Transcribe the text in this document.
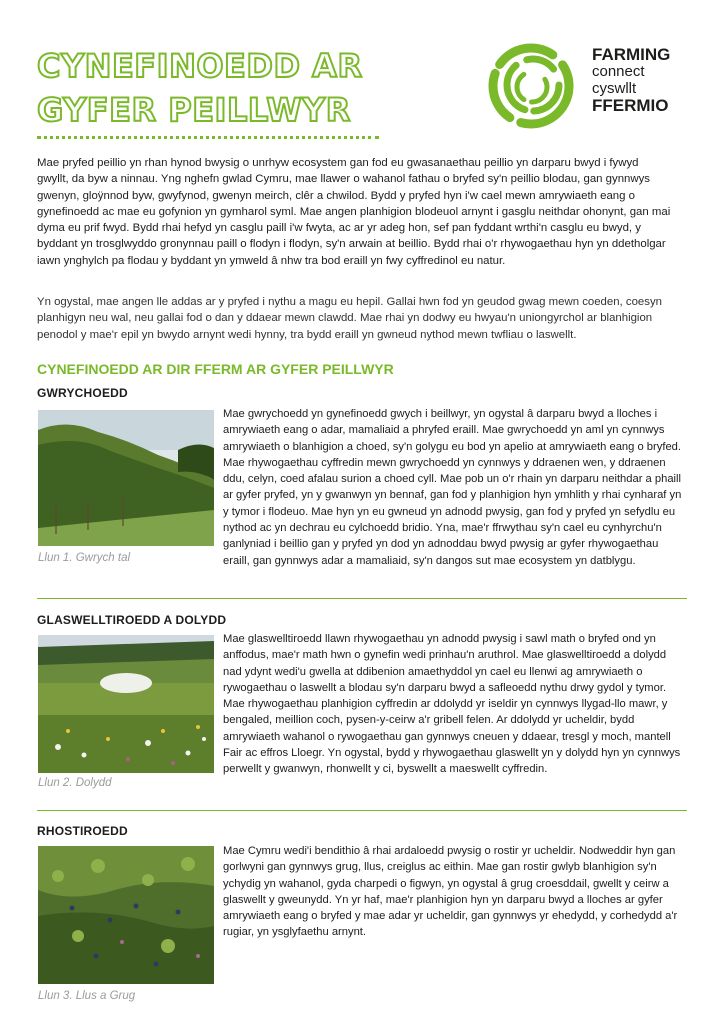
CYNEFINOEDD AR
GYFER PEILLWYR
FARMING
connect
cyswllt
FFERMIO

Mae pryfed peillio yn rhan hynod bwysig o unrhyw ecosystem gan fod eu gwasanaethau peillio yn darparu bwyd i fywyd gwyllt, da byw a ninnau. Yng nghefn gwlad Cymru, mae llawer o wahanol fathau o bryfed sy'n peillio blodau, gan gynnwys gwenyn, gloÿnnod byw, gwyfynod, gwenyn meirch, clêr a chwilod. Bydd y pryfed hyn i'w cael mewn amrywiaeth eang o gynefinoedd ac mae eu gofynion yn gymharol syml. Mae angen planhigion blodeuol arnynt i gasglu neithdar ohonynt, gan mai dyma eu prif fwyd. Bydd rhai hefyd yn casglu paill i'w fwyta, ac ar yr adeg hon, sef pan fyddant wrthi'n casglu eu bwyd, y byddant yn trosglwyddo gronynnau paill o flodyn i flodyn, sy'n arwain at beillio. Bydd rhai o'r rhywogaethau hyn yn ddetholgar iawn ynghylch pa flodau y byddant yn ymweld â nhw tra bod eraill yn fwy cyffredinol eu natur.

Yn ogystal, mae angen lle addas ar y pryfed i nythu a magu eu hepil. Gallai hwn fod yn geudod gwag mewn coeden, coesyn planhigyn neu wal, neu gallai fod o dan y ddaear mewn clawdd. Mae rhai yn dodwy eu hwyau'n uniongyrchol ar blanhigion penodol y mae'r epil yn bwydo arnynt wedi hynny, tra bydd eraill yn gwneud nythod mewn twfliau o laswellt.

CYNEFINOEDD AR DIR FFERM AR GYFER PEILLWYR
GWRYCHOEDD

Llun 1. Gwrych tal

Mae gwrychoedd yn gynefinoedd gwych i beillwyr, yn ogystal â darparu bwyd a lloches i amrywiaeth eang o adar, mamaliaid a phryfed eraill. Mae gwrychoedd yn aml yn cynnwys amrywiaeth o blanhigion a choed, sy'n golygu eu bod yn apelio at amrywiaeth eang o bryfed. Mae rhywogaethau cyffredin mewn gwrychoedd yn cynnwys y ddraenen wen, y ddraenen ddu, celyn, coed afalau surion a choed cyll. Mae pob un o'r rhain yn darparu neithdar a phaill ar gyfer pryfed, yn y gwanwyn yn bennaf, gan fod y planhigion hyn ymhlith y rhai cynharaf yn y tymor i flodeuo. Mae hyn yn eu gwneud yn adnodd pwysig, gan fod y pryfed yn sefydlu eu nythod ac yn dechrau eu cylchoedd bridio. Yna, mae'r ffrwythau sy'n cael eu cynhyrchu'n ganlyniad i beillio gan y pryfed yn dod yn adnoddau bwyd pwysig ar gyfer rhywogaethau eraill, gan gynnwys adar a mamaliaid, sy'n dangos sut mae ecosystem yn datblygu.

GLASWELLTIROEDD A DOLYDD

Llun 2. Dolydd

Mae glaswelltiroedd llawn rhywogaethau yn adnodd pwysig i sawl math o bryfed ond yn anffodus, mae'r math hwn o gynefin wedi prinhau'n aruthrol. Mae glaswelltiroedd a dolydd nad ydynt wedi'u gwella at ddibenion amaethyddol yn cael eu llenwi ag amrywiaeth o rywogaethau o laswellt a blodau sy'n darparu bwyd a safleoedd nythu drwy gydol y tymor. Mae rhywogaethau planhigion cyffredin ar ddolydd yr iseldir yn cynnwys llygad-llo mawr, y bengaled, meillion coch, pysen-y-ceirw a'r gribell felen. Ar ddolydd yr ucheldir, bydd amrywiaeth wahanol o rywogaethau gan gynnwys cneuen y ddaear, tresgl y moch, mantell Fair ac effros Lloegr. Yn ogystal, bydd y rhywogaethau glaswellt yn y dolydd hyn yn cynnwys perwellt y gwanwyn, rhonwellt y ci, byswellt a maeswellt cyffredin.

RHOSTIROEDD

Llun 3. Llus a Grug

Mae Cymru wedi'i bendithio â rhai ardaloedd pwysig o rostir yr ucheldir. Nodweddir hyn gan gorlwyni gan gynnwys grug, llus, creiglus ac eithin. Mae gan rostir gwlyb blanhigion sy'n ychydig yn wahanol, gyda charpedi o figwyn, yn ogystal â grug croesddail, gwellt y ceirw a glaswellt y gweunydd. Yn yr haf, mae'r planhigion hyn yn darparu bwyd a lloches ar gyfer amrywiaeth eang o bryfed y mae adar yr ucheldir, gan gynnwys yr ehedydd, y corhedydd a'r rugiar, yn ysglyfaethu arnynt.
